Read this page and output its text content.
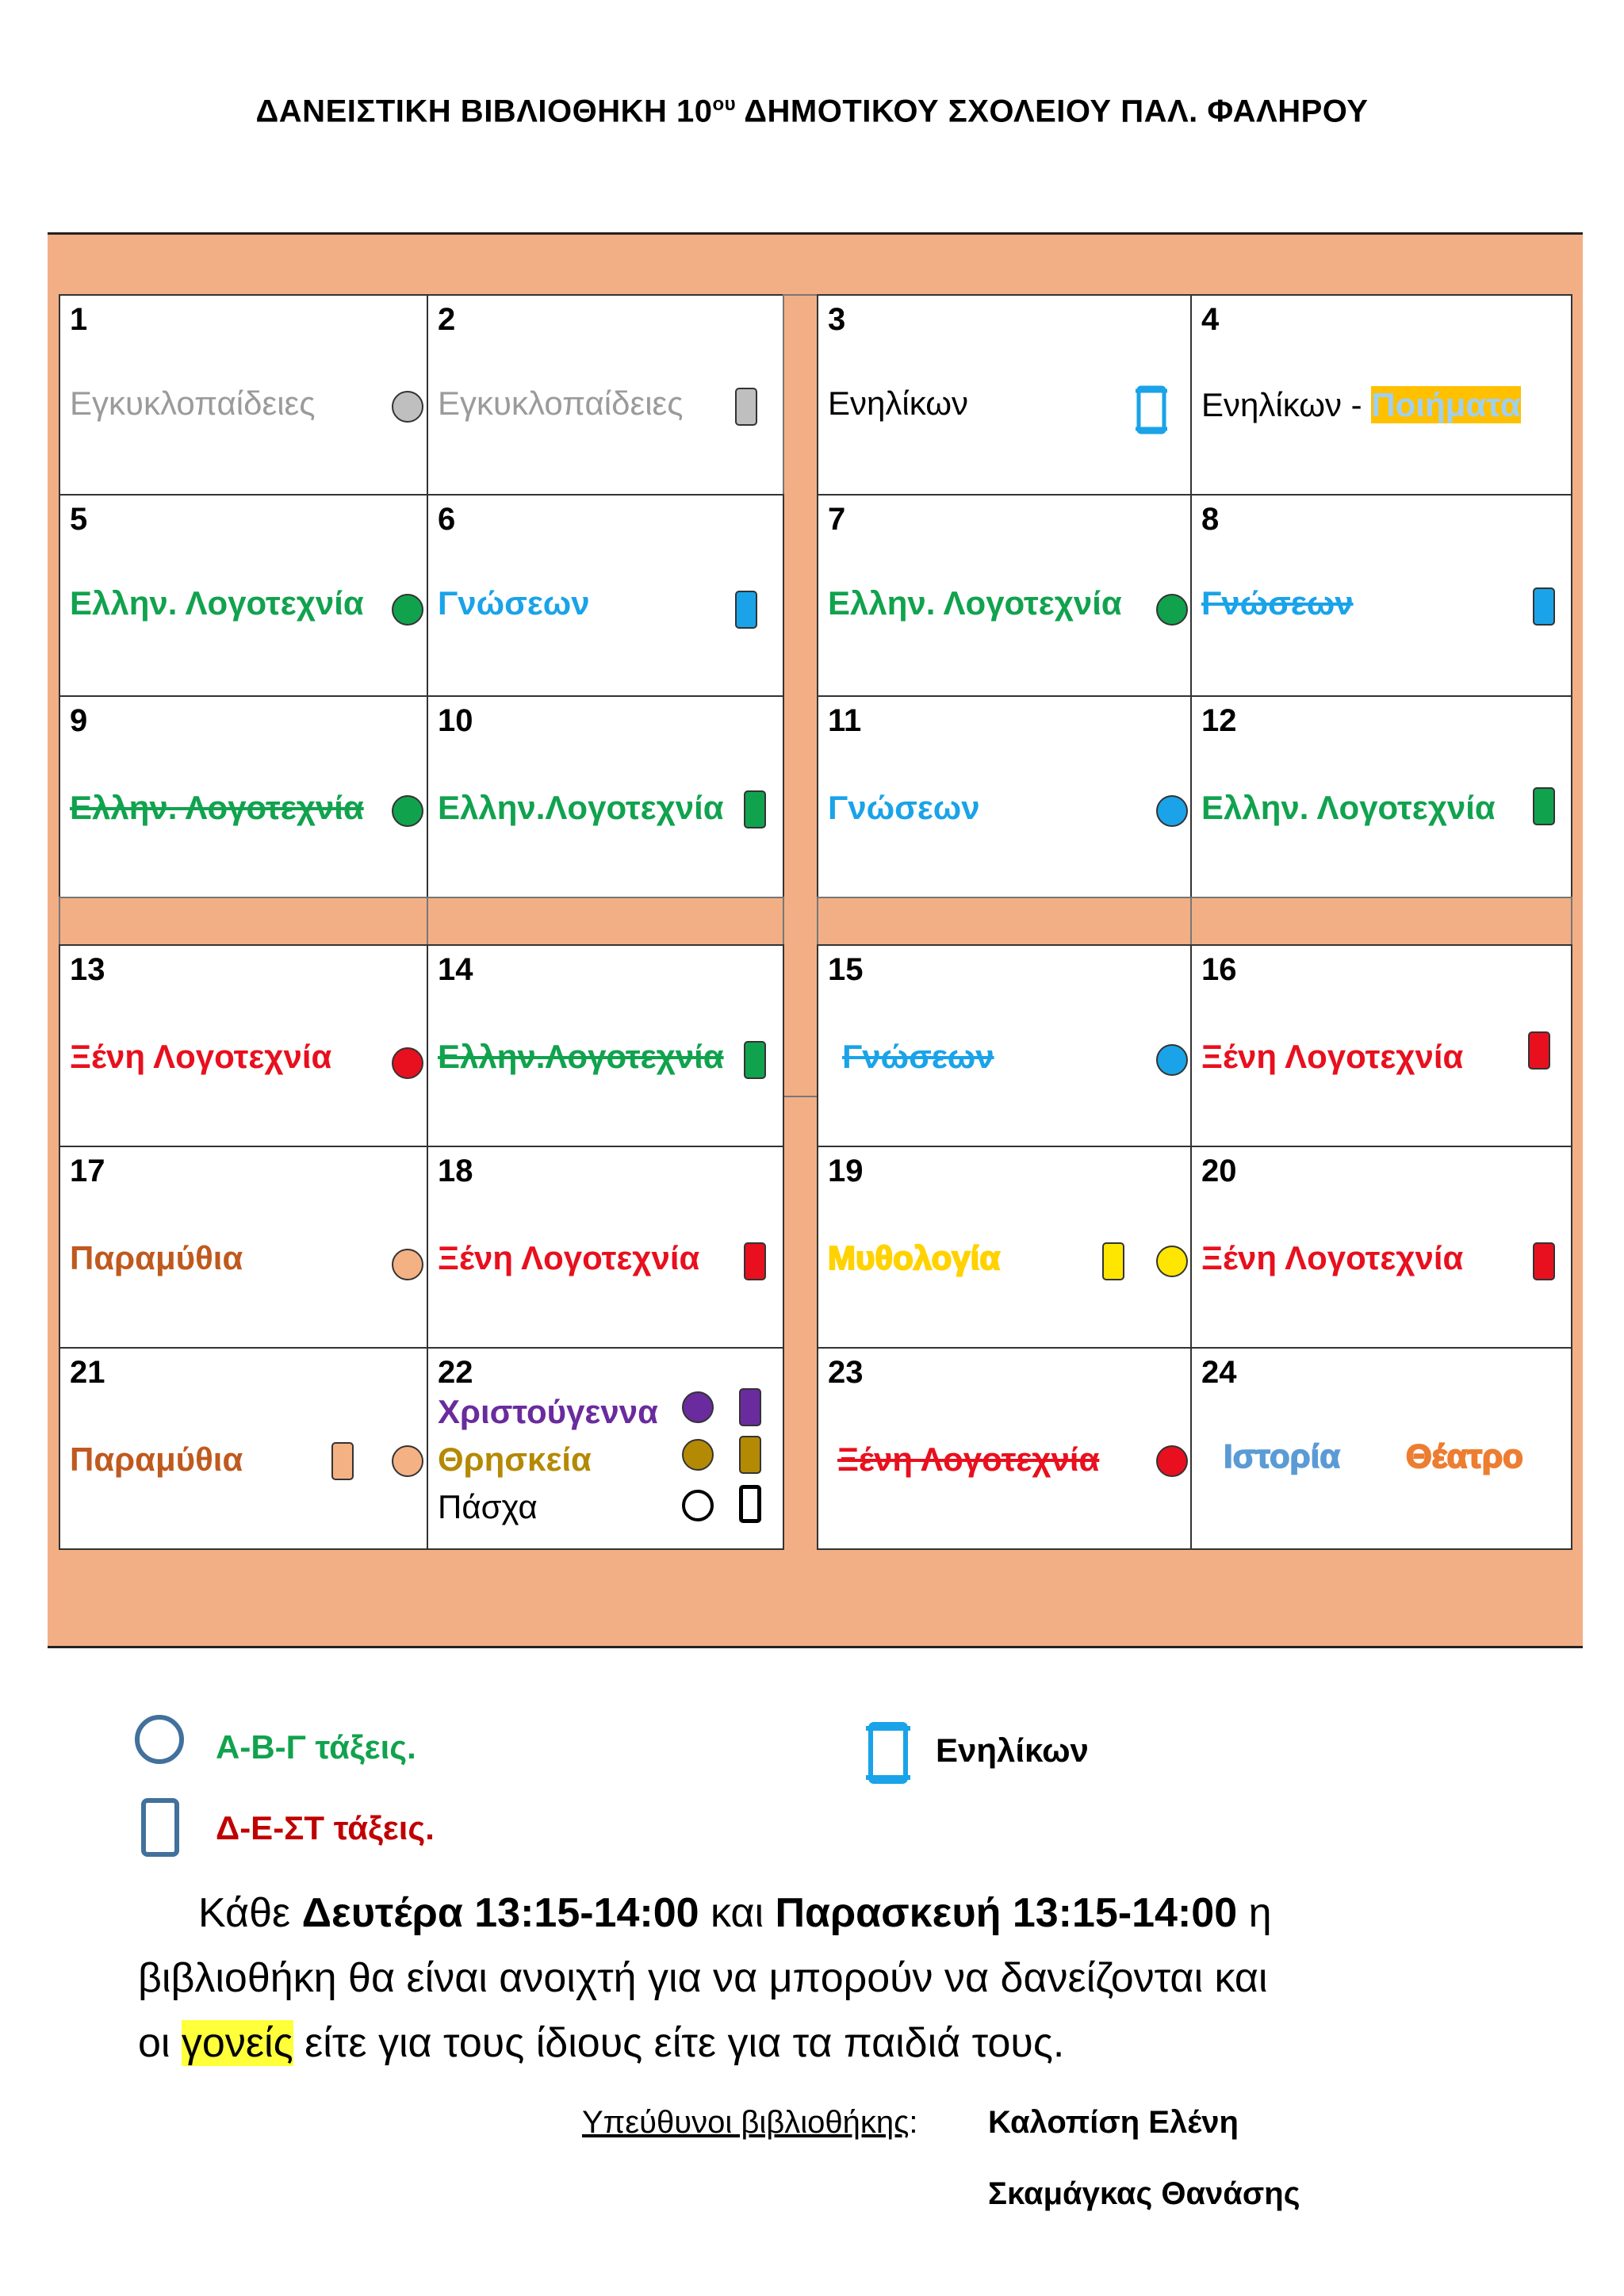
ΔΑΝΕΙΣΤΙΚΗ ΒΙΒΛΙΟΘΗΚΗ $10^{o\upsilon}$ ΔΗΜΟΤΙΚΟΥ ΣΧΟΛΕΙΟΥ ΠΑΛ. ΦΑΛΗΡΟΥ
1
Εγκυκλοπαίδειες
2
Εγκυκλοπαίδειες
3
Ενηλίκων
4
Ενηλίκων - Ποιήματα
5
Ελλην. Λογοτεχνία
6
Γνώσεων
7
Ελλην. Λογοτεχνία
8
Γνώσεων
9
Ελλην. Λογοτεχνία
10
Ελλην.Λογοτεχνία
11
Γνώσεων
12
Ελλην. Λογοτεχνία
13
Ξένη Λογοτεχνία
14
Ελλην.Λογοτεχνία
15
Γνώσεων
16
Ξένη Λογοτεχνία
17
Παραμύθια
18
Ξένη Λογοτεχνία
19
Μυθολογία
20
Ξένη Λογοτεχνία
21
Παραμύθια
22
Χριστούγεννα
Θρησκεία
Πάσχα
23
Ξένη Λογοτεχνία
24
Ιστορία Θέατρο
Α-Β-Γ τάξεις.
Δ-Ε-ΣΤ τάξεις.
Ενηλίκων
Κάθε Δευτέρα 13:15-14:00 και Παρασκευή 13:15-14:00 η
βιβλιοθήκη θα είναι ανοιχτή για να μπορούν να δανείζονται και
οι γονείς είτε για τους ίδιους είτε για τα παιδιά τους.
Υπεύθυνοι βιβλιοθήκης: Καλοπίση Ελένη
Σκαμάγκας Θανάσης
